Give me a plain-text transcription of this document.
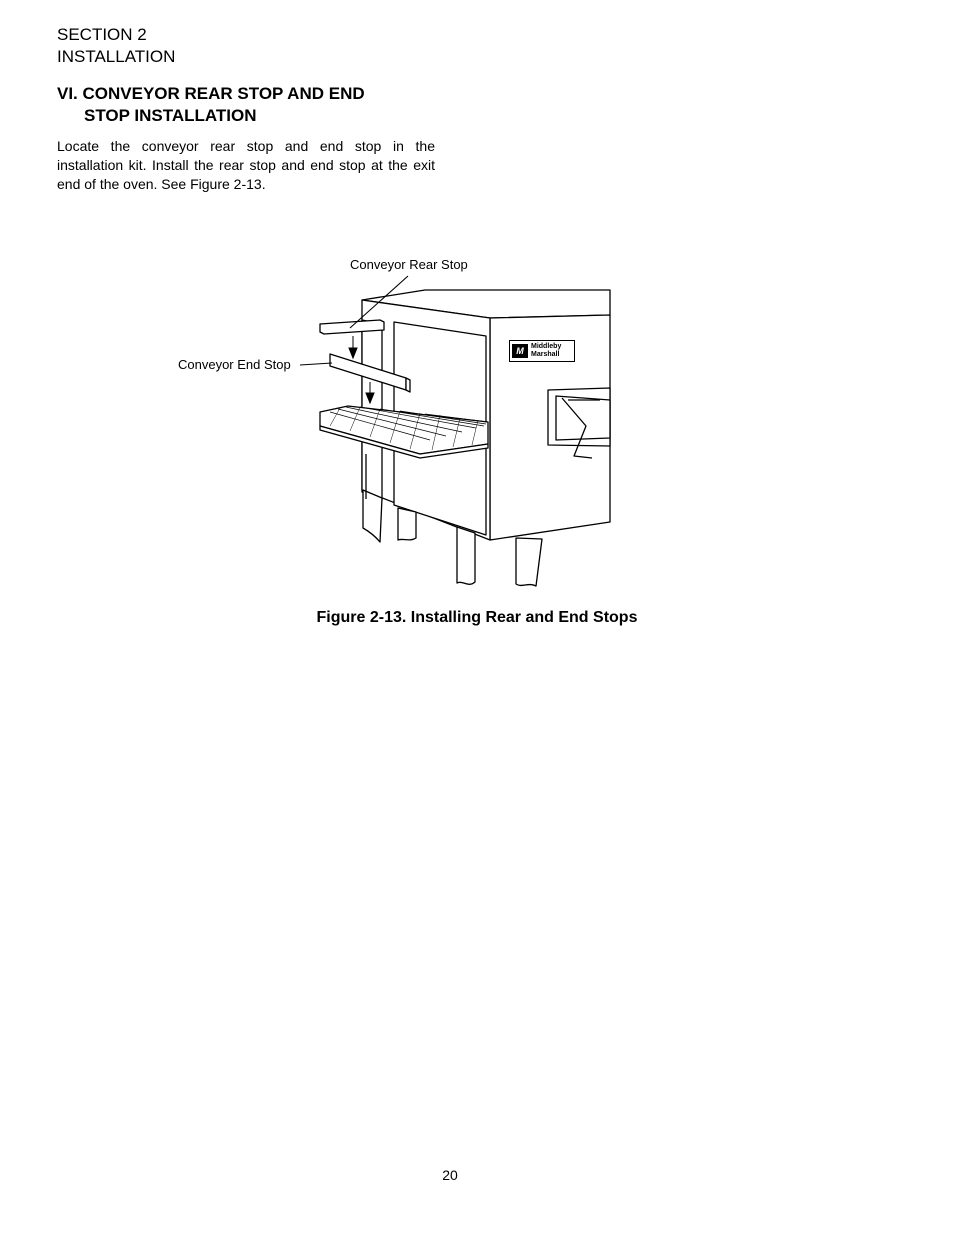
SECTION 2
INSTALLATION
VI. CONVEYOR REAR STOP AND END
STOP INSTALLATION
Locate the conveyor rear stop and end stop in the installation kit. Install the rear stop and end stop at the exit end of the oven. See Figure 2-13.
Conveyor Rear Stop
Conveyor End Stop
M	Middleby
Marshall
Figure 2-13. Installing Rear and End Stops
20
